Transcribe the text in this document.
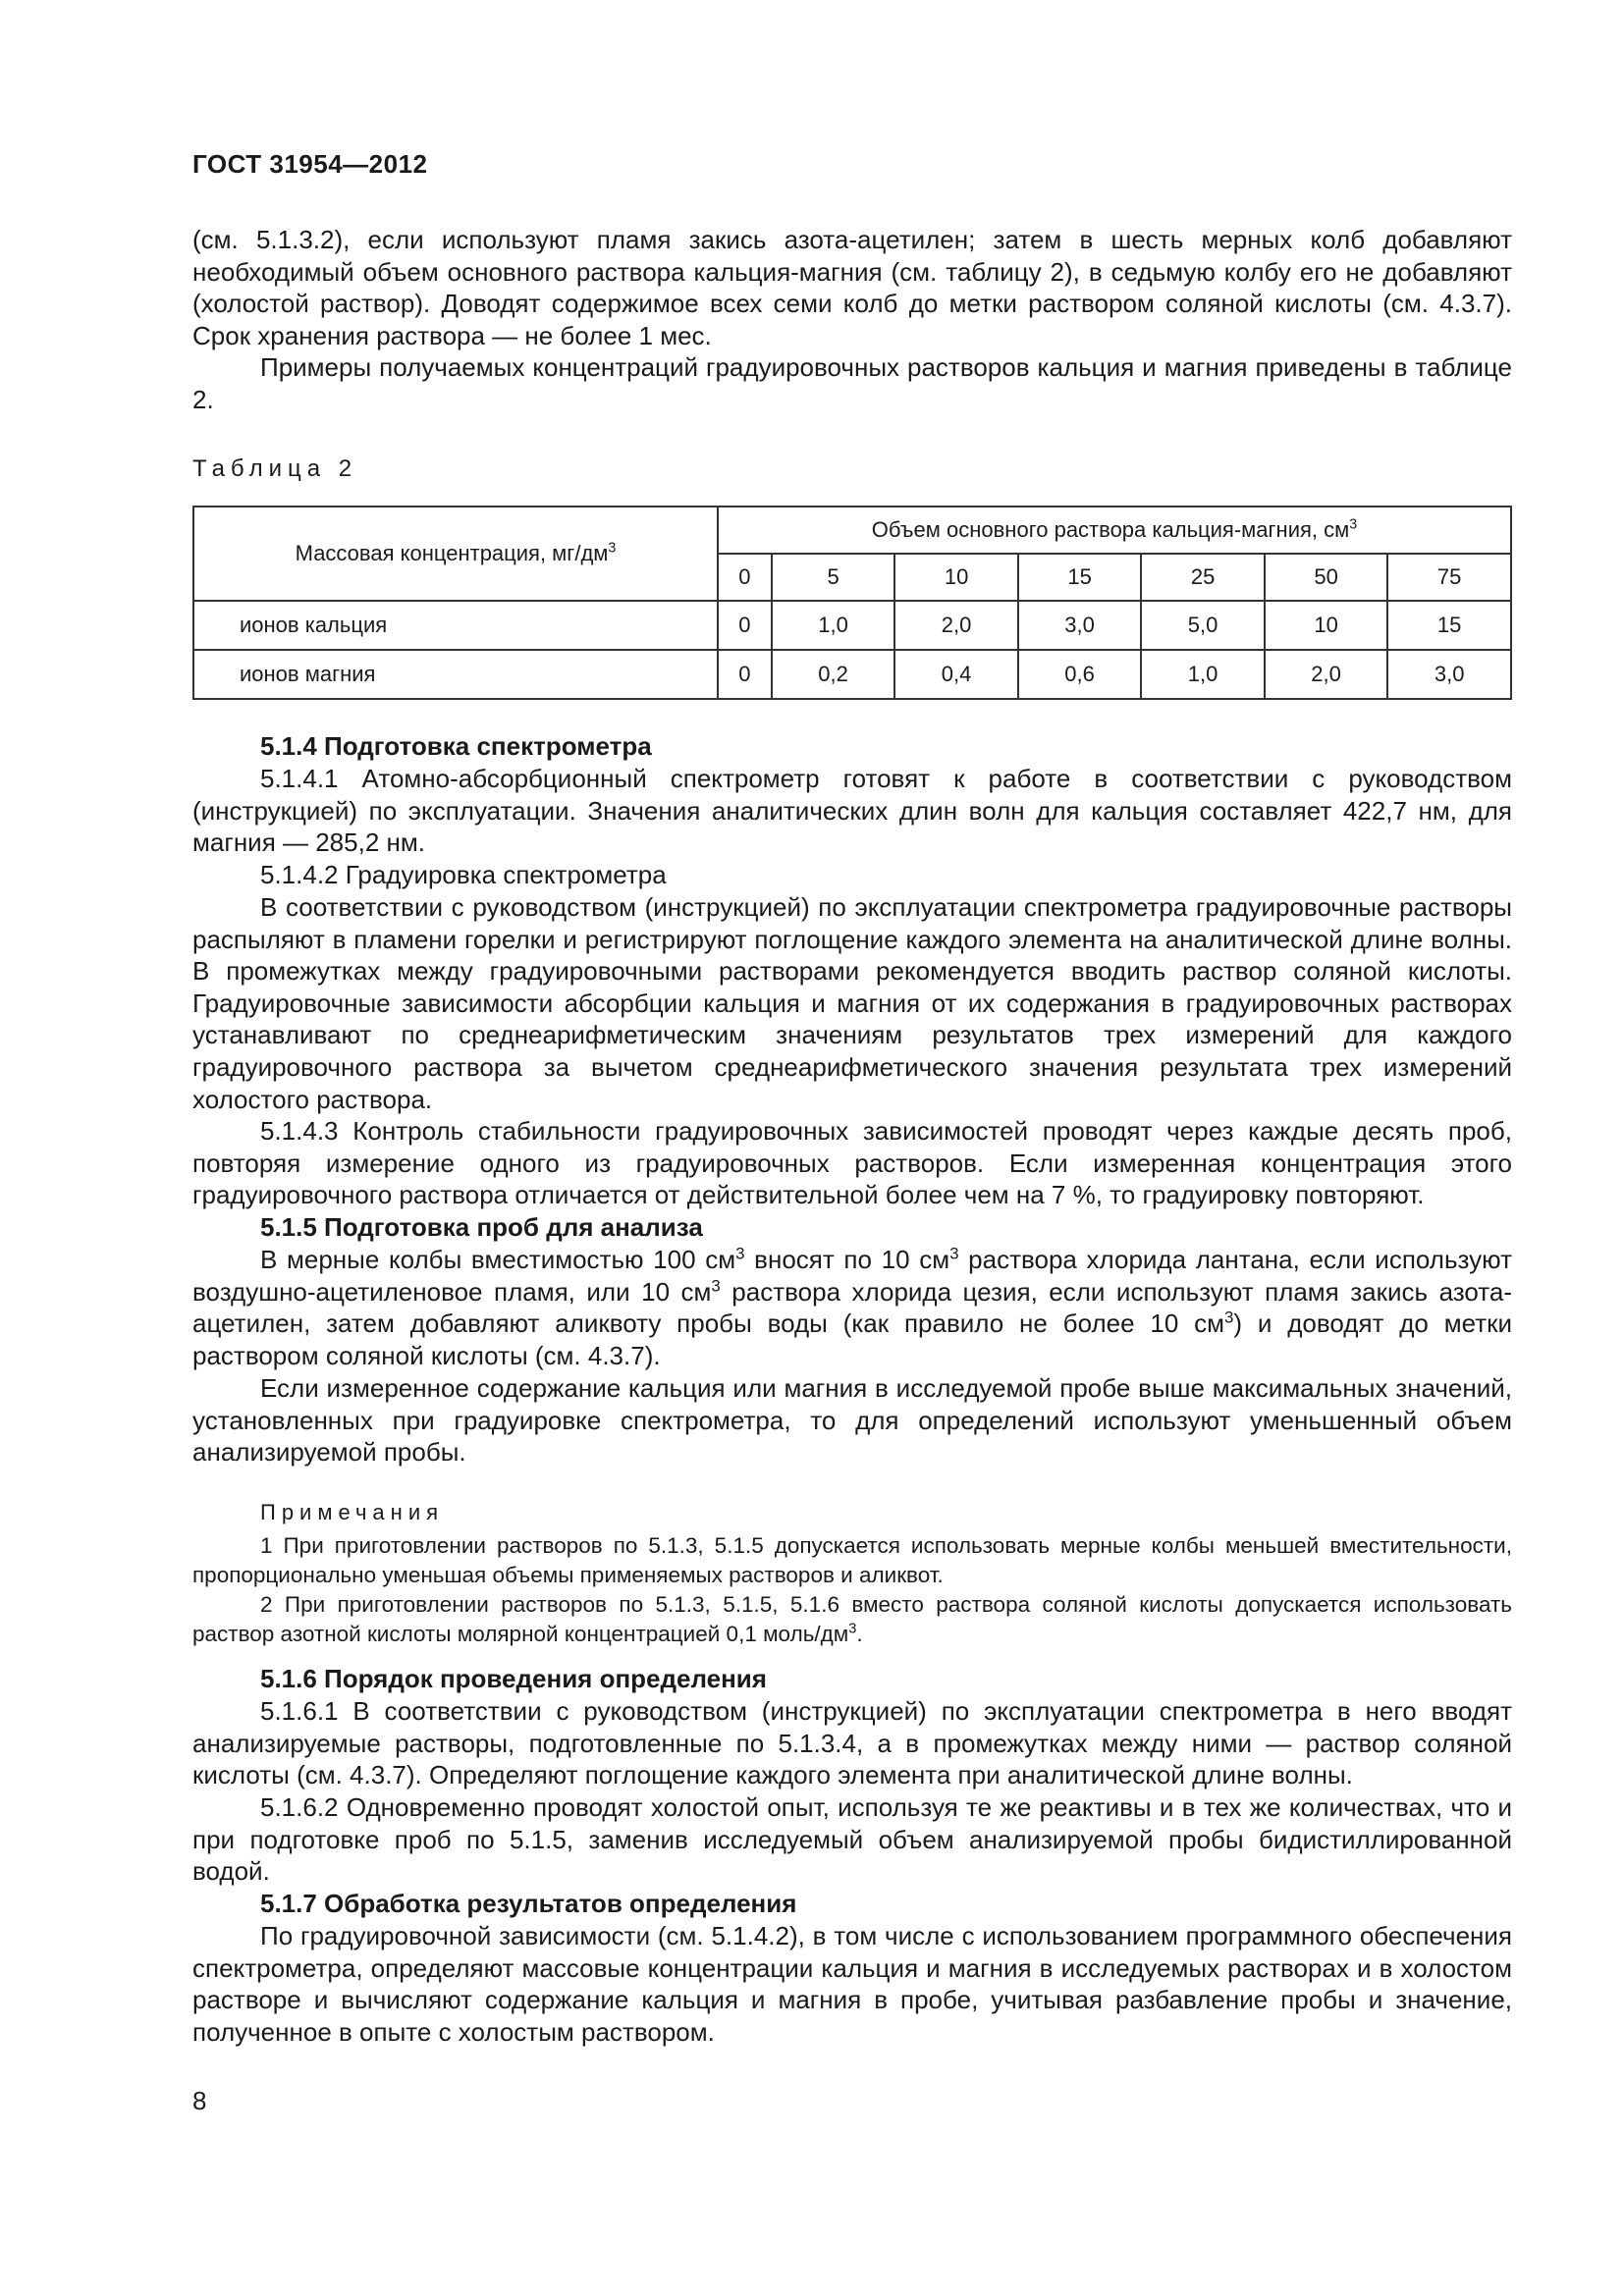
ГОСТ 31954—2012
(см. 5.1.3.2), если используют пламя закись азота-ацетилен; затем в шесть мерных колб добавляют необходимый объем основного раствора кальция-магния (см. таблицу 2), в седьмую колбу его не добавляют (холостой раствор). Доводят содержимое всех семи колб до метки раствором соляной кислоты (см. 4.3.7). Срок хранения раствора — не более 1 мес.
Примеры получаемых концентраций градуировочных растворов кальция и магния приведены в таблице 2.
Таблица 2
Массовая концентрация, $мг/дм^3$	Объем основного раствора кальция-магния, $см^3$
	0	5	10	15	25	50	75
ионов кальция	0	1,0	2,0	3,0	5,0	10	15
ионов магния	0	0,2	0,4	0,6	1,0	2,0	3,0
5.1.4 Подготовка спектрометра
5.1.4.1 Атомно-абсорбционный спектрометр готовят к работе в соответствии с руководством (инструкцией) по эксплуатации. Значения аналитических длин волн для кальция составляет 422,7 нм, для магния — 285,2 нм.
5.1.4.2 Градуировка спектрометра
В соответствии с руководством (инструкцией) по эксплуатации спектрометра градуировочные растворы распыляют в пламени горелки и регистрируют поглощение каждого элемента на аналитической длине волны. В промежутках между градуировочными растворами рекомендуется вводить раствор соляной кислоты. Градуировочные зависимости абсорбции кальция и магния от их содержания в градуировочных растворах устанавливают по среднеарифметическим значениям результатов трех измерений для каждого градуировочного раствора за вычетом среднеарифметического значения результата трех измерений холостого раствора.
5.1.4.3 Контроль стабильности градуировочных зависимостей проводят через каждые десять проб, повторяя измерение одного из градуировочных растворов. Если измеренная концентрация этого градуировочного раствора отличается от действительной более чем на 7 %, то градуировку повторяют.
5.1.5 Подготовка проб для анализа
В мерные колбы вместимостью 100 $см^3$ вносят по 10 $см^3$ раствора хлорида лантана, если используют воздушно-ацетиленовое пламя, или 10 $см^3$ раствора хлорида цезия, если используют пламя закись азота-ацетилен, затем добавляют аликвоту пробы воды (как правило не более 10 $см^3$) и доводят до метки раствором соляной кислоты (см. 4.3.7).
Если измеренное содержание кальция или магния в исследуемой пробе выше максимальных значений, установленных при градуировке спектрометра, то для определений используют уменьшенный объем анализируемой пробы.
Примечания
1 При приготовлении растворов по 5.1.3, 5.1.5 допускается использовать мерные колбы меньшей вместительности, пропорционально уменьшая объемы применяемых растворов и аликвот.
2 При приготовлении растворов по 5.1.3, 5.1.5, 5.1.6 вместо раствора соляной кислоты допускается использовать раствор азотной кислоты молярной концентрацией 0,1 моль/$дм^3$.
5.1.6 Порядок проведения определения
5.1.6.1 В соответствии с руководством (инструкцией) по эксплуатации спектрометра в него вводят анализируемые растворы, подготовленные по 5.1.3.4, а в промежутках между ними — раствор соляной кислоты (см. 4.3.7). Определяют поглощение каждого элемента при аналитической длине волны.
5.1.6.2 Одновременно проводят холостой опыт, используя те же реактивы и в тех же количествах, что и при подготовке проб по 5.1.5, заменив исследуемый объем анализируемой пробы бидистиллированной водой.
5.1.7 Обработка результатов определения
По градуировочной зависимости (см. 5.1.4.2), в том числе с использованием программного обеспечения спектрометра, определяют массовые концентрации кальция и магния в исследуемых растворах и в холостом растворе и вычисляют содержание кальция и магния в пробе, учитывая разбавление пробы и значение, полученное в опыте с холостым раствором.
8
